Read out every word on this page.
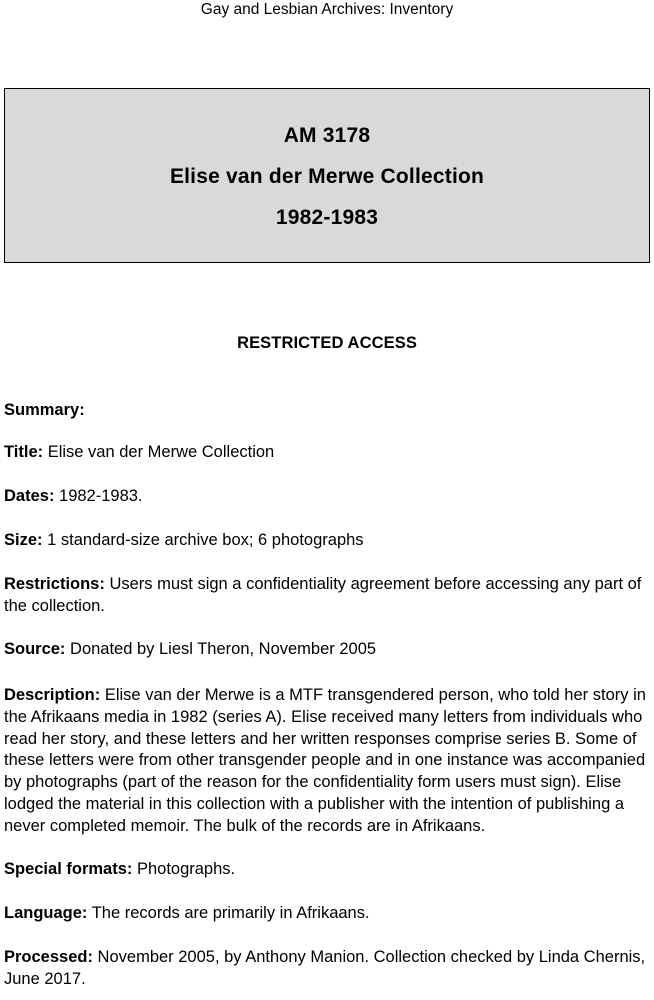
Gay and Lesbian Archives: Inventory

AM 3178

Elise van der Merwe Collection

1982-1983

RESTRICTED ACCESS
Summary:
Title: Elise van der Merwe Collection
Dates: 1982-1983.
Size: 1 standard-size archive box; 6 photographs
Restrictions: Users must sign a confidentiality agreement before accessing any part of the collection.
Source: Donated by Liesl Theron, November 2005
Description: Elise van der Merwe is a MTF transgendered person, who told her story in the Afrikaans media in 1982 (series A). Elise received many letters from individuals who read her story, and these letters and her written responses comprise series B. Some of these letters were from other transgender people and in one instance was accompanied by photographs (part of the reason for the confidentiality form users must sign). Elise lodged the material in this collection with a publisher with the intention of publishing a never completed memoir. The bulk of the records are in Afrikaans.
Special formats: Photographs.
Language: The records are primarily in Afrikaans.
Processed: November 2005, by Anthony Manion. Collection checked by Linda Chernis, June 2017.
